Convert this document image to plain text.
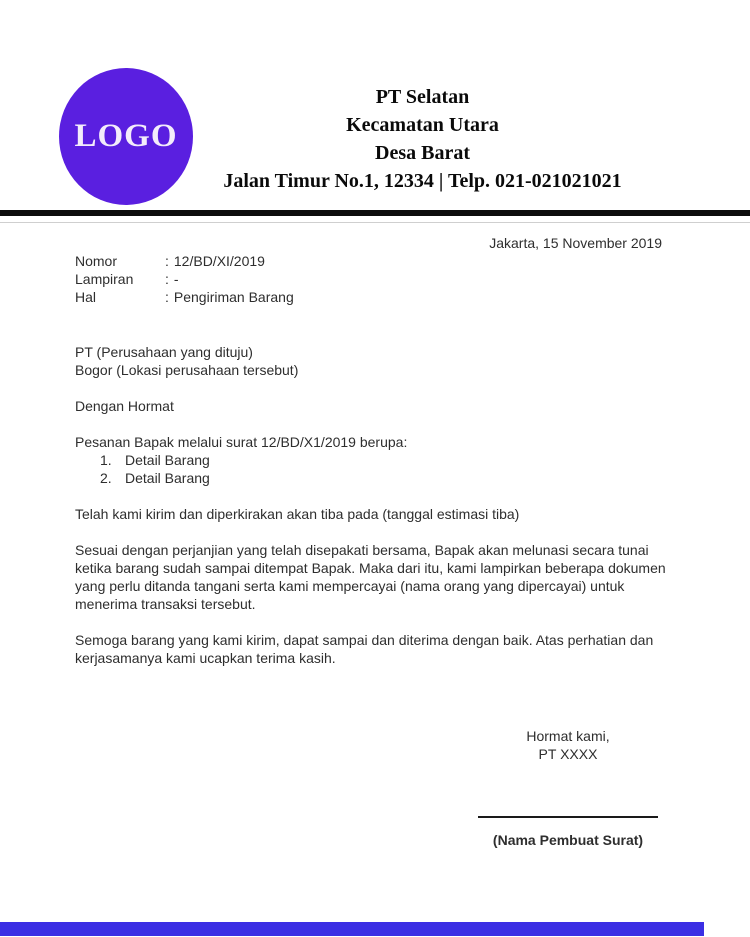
LOGO
PT Selatan
Kecamatan Utara
Desa Barat
Jalan Timur No.1, 12334 | Telp. 021-021021021
Jakarta, 15 November 2019
Nomor	: 12/BD/XI/2019
Lampiran	: -
Hal	: Pengiriman Barang
PT (Perusahaan yang dituju)
Bogor (Lokasi perusahaan tersebut)
Dengan Hormat
Pesanan Bapak melalui surat 12/BD/X1/2019 berupa:
1. Detail Barang
2. Detail Barang

Telah kami kirim dan diperkirakan akan tiba pada (tanggal estimasi tiba)

Sesuai dengan perjanjian yang telah disepakati bersama, Bapak akan melunasi secara tunai ketika barang sudah sampai ditempat Bapak. Maka dari itu, kami lampirkan beberapa dokumen yang perlu ditanda tangani serta kami mempercayai (nama orang yang dipercayai) untuk menerima transaksi tersebut.

Semoga barang yang kami kirim, dapat sampai dan diterima dengan baik. Atas perhatian dan kerjasamanya kami ucapkan terima kasih.

Hormat kami,
PT XXXX
(Nama Pembuat Surat)
